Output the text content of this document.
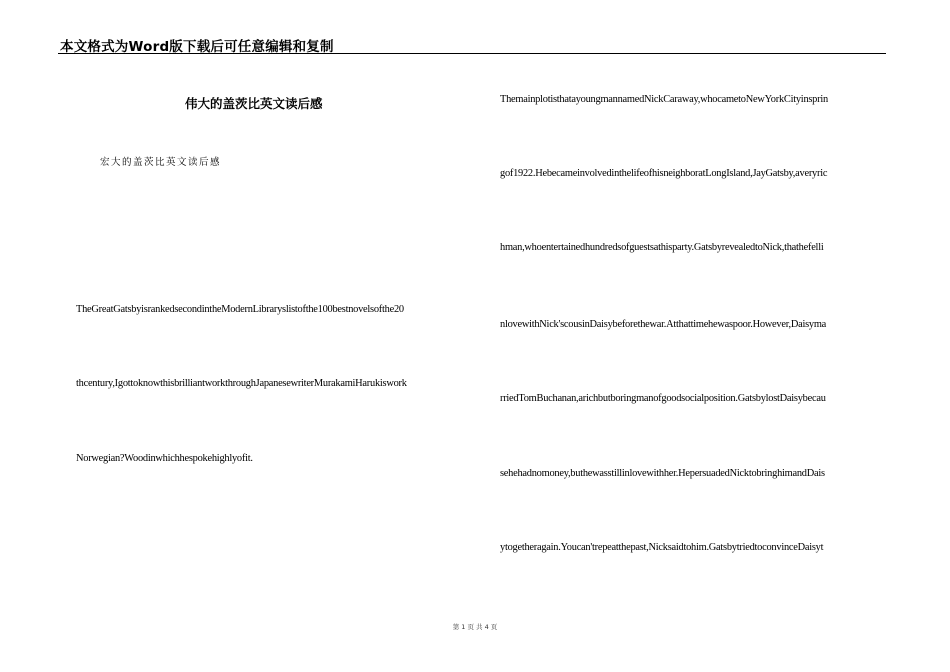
本文格式为Word版下载后可任意编辑和复制
伟大的盖茨比英文读后感
宏大的盖茨比英文读后感
TheGreatGatsbyisrankedsecondintheModernLibraryslistofthe100bestnovelsofthe20
thcentury,IgottoknowthisbrilliantworkthroughJapanesewriterMurakamiHarukiswork
Norwegian?Woodinwhichhespokehighlyofit.
ThemainplotisthatayoungmannamedNickCaraway,whocametoNewYorkCityinsprin
gof1922.HebecameinvolvedinthelifeofhisneighboratLongIsland,JayGatsby,averyric
hman,whoentertainedhundredsofguestsathisparty.GatsbyrevealedtoNick,thathefelli
nlovewithNick'scousinDaisybeforethewar.Atthattimehewaspoor.However,Daisyma
rriedTomBuchanan,arichbutboringmanofgoodsocialposition.GatsbylostDaisybecau
sehehadnomoney,buthewasstillinlovewithher.HepersuadedNicktobringhimandDais
ytogetheragain.Youcan'trepeatthepast,Nicksaidtohim.GatsbytriedtoconvinceDaisyt
第 1 页 共 4 页
